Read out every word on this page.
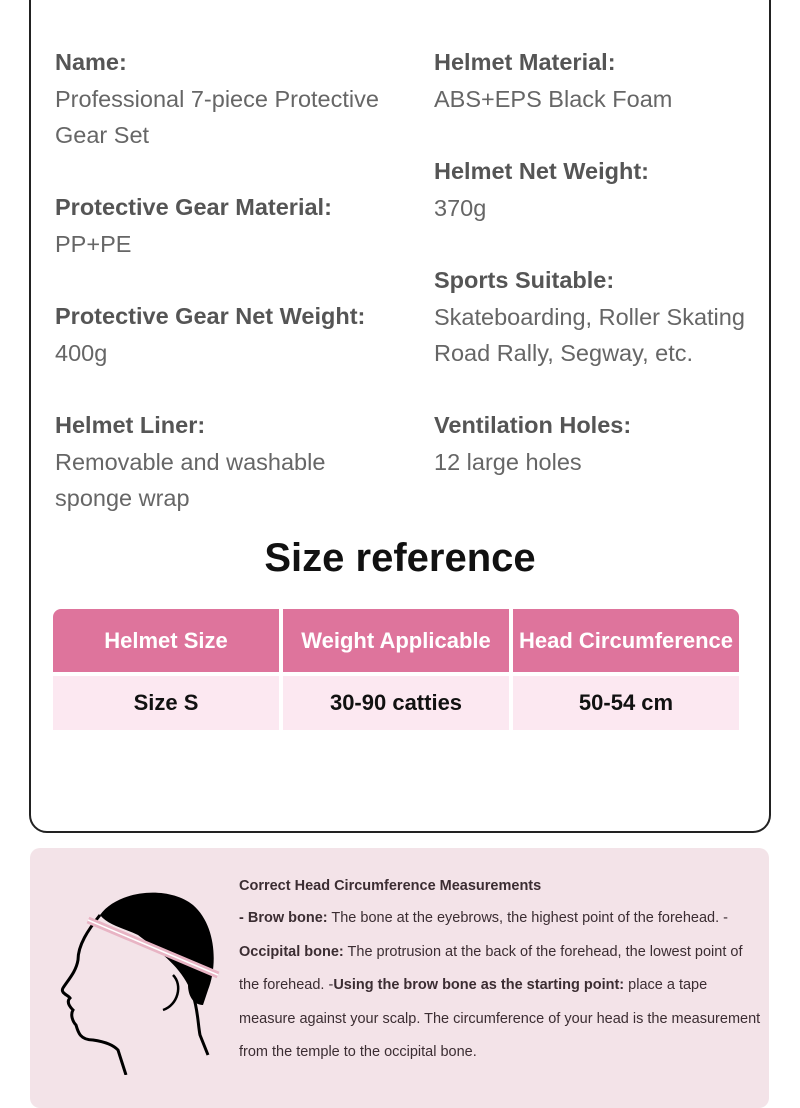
Name:
Professional 7-piece Protective
Gear Set
Protective Gear Material:
PP+PE
Protective Gear Net Weight:
400g
Helmet Liner:
Removable and washable
sponge wrap
Helmet Material:
ABS+EPS Black Foam
Helmet Net Weight:
370g
Sports Suitable:
Skateboarding, Roller Skating
Road Rally, Segway, etc.
Ventilation Holes:
12 large holes
Size reference
Helmet Size	Weight Applicable	Head Circumference
Size S	30-90 catties	50-54 cm
Correct Head Circumference Measurements
- Brow bone: The bone at the eyebrows, the highest point of the forehead. - Occipital bone: The protrusion at the back of the forehead, the lowest point of the forehead. -Using the brow bone as the starting point: place a tape measure against your scalp. The circumference of your head is the measurement from the temple to the occipital bone.
